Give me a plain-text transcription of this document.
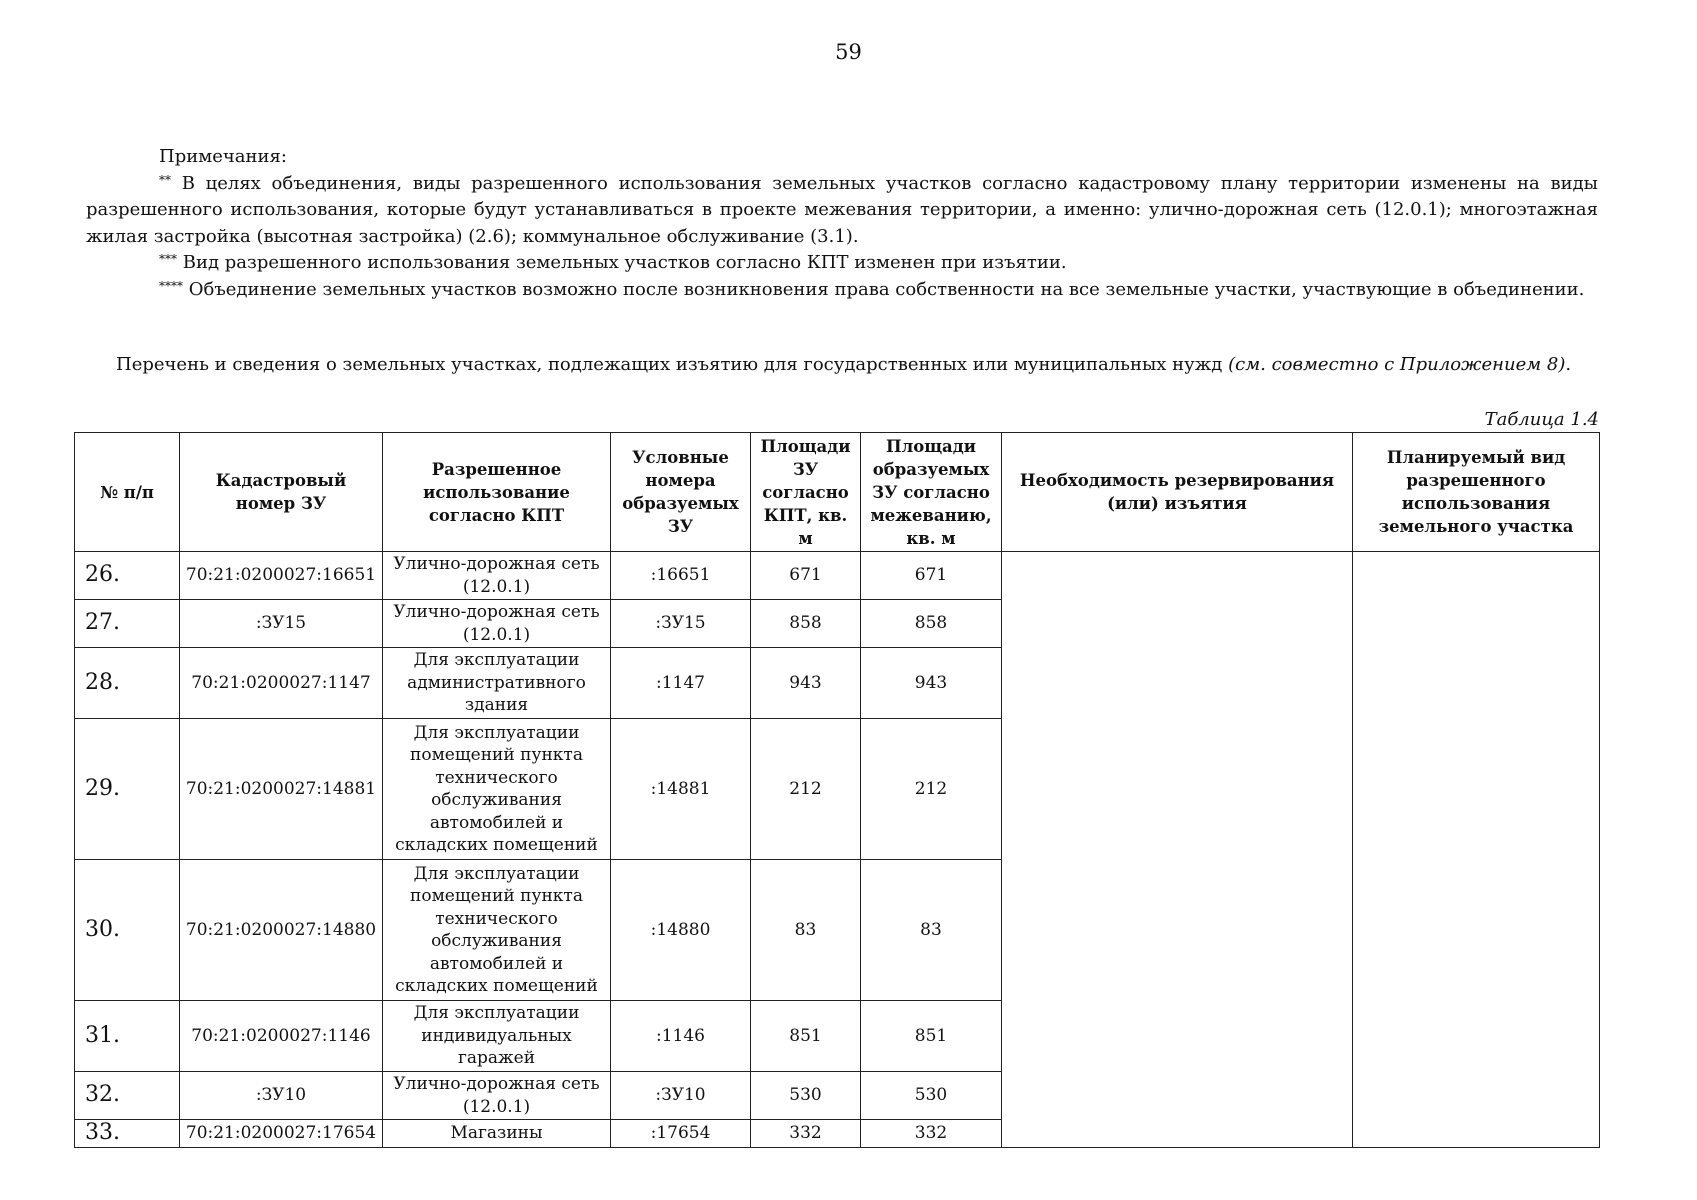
59

Примечания:

** В целях объединения, виды разрешенного использования земельных участков согласно кадастровому плану территории изменены на виды разрешенного использования, которые будут устанавливаться в проекте межевания территории, а именно: улично-дорожная сеть (12.0.1); многоэтажная жилая застройка (высотная застройка) (2.6); коммунальное обслуживание (3.1).

*** Вид разрешенного использования земельных участков согласно КПТ изменен при изъятии.

**** Объединение земельных участков возможно после возникновения права собственности на все земельные участки, участвующие в объединении.

Перечень и сведения о земельных участках, подлежащих изъятию для государственных или муниципальных нужд (см. совместно с Приложением 8).
Таблица 1.4
№ п/п	Кадастровый номер ЗУ	Разрешенное использование согласно КПТ	Условные номера образуемых ЗУ	Площади ЗУ согласно КПТ, кв. м	Площади образуемых ЗУ согласно межеванию, кв. м	Необходимость резервирования (или) изъятия	Планируемый вид разрешенного использования земельного участка
26.	70:21:0200027:16651	Улично-дорожная сеть (12.0.1)	:16651	671	671		
27.	:ЗУ15	Улично-дорожная сеть (12.0.1)	:ЗУ15	858	858		
28.	70:21:0200027:1147	Для эксплуатации административного здания	:1147	943	943		
29.	70:21:0200027:14881	Для эксплуатации помещений пункта технического обслуживания автомобилей и складских помещений	:14881	212	212		
30.	70:21:0200027:14880	Для эксплуатации помещений пункта технического обслуживания автомобилей и складских помещений	:14880	83	83		
31.	70:21:0200027:1146	Для эксплуатации индивидуальных гаражей	:1146	851	851		
32.	:ЗУ10	Улично-дорожная сеть (12.0.1)	:ЗУ10	530	530		
33.	70:21:0200027:17654	Магазины	:17654	332	332		
